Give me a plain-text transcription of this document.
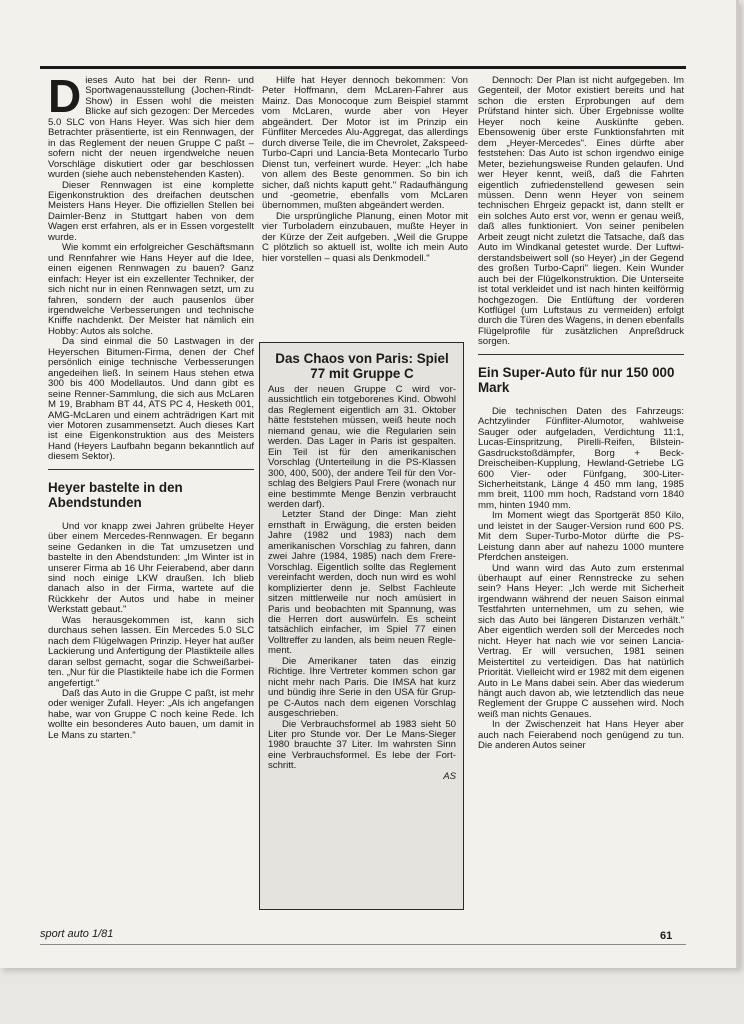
Dieses Auto hat bei der Renn- und Sportwagenausstellung (Jochen-Rindt-Show) in Essen wohl die meisten Blicke auf sich gezogen: Der Mercedes 5.0 SLC von Hans Heyer. Was sich hier dem Betrachter präsentierte, ist ein Rennwagen, der in das Reglement der neuen Gruppe C paßt – sofern nicht der neuen irgendwelche neuen Vorschläge diskutiert oder gar beschlossen wurden (siehe auch nebenstehenden Kasten).

Dieser Rennwagen ist eine komplette Eigenkonstruktion des dreifachen deutschen Meisters Hans Heyer. Die offiziellen Stellen bei Daimler-Benz in Stuttgart haben von dem Wagen erst erfahren, als er in Essen vorgestellt wurde.

Wie kommt ein erfolgreicher Geschäftsmann und Rennfahrer wie Hans Heyer auf die Idee, einen eigenen Rennwagen zu bauen? Ganz einfach: Heyer ist ein exzellenter Techniker, der sich nicht nur in einen Rennwagen setzt, um zu fahren, sondern der auch pausenlos über irgendwelche Verbesserungen und technische Kniffe nachdenkt. Der Meister hat nämlich ein Hobby: Autos als solche.

Da sind einmal die 50 Lastwagen in der Heyerschen Bitumen-Firma, denen der Chef persönlich einige technische Verbesserungen angedeihen ließ. In seinem Haus stehen etwa 300 bis 400 Modellautos. Und dann gibt es seine Renner-Sammlung, die sich aus McLaren M 19, Brabham BT 44, ATS PC 4, Hesketh 001, AMG-McLaren und einem achträdrigen Kart mit vier Motoren zusammensetzt. Auch dieses Kart ist eine Eigenkonstruktion aus des Meisters Hand (Heyers Laufbahn begann bekanntlich auf diesem Sektor).

Heyer bastelte in den Abendstunden

Und vor knapp zwei Jahren grübelte Heyer über einem Mercedes-Rennwagen. Er begann seine Gedanken in die Tat umzusetzen und bastelte in den Abendstunden: „Im Winter ist in unserer Firma ab 16 Uhr Feierabend, aber dann sind noch einige LKW draußen. Ich blieb danach also in der Firma, wartete auf die Rückkehr der Autos und habe in meiner Werkstatt gebaut."

Was herausgekommen ist, kann sich durchaus sehen lassen. Ein Mercedes 5.0 SLC nach dem Flügelwagen Prinzip. Heyer hat außer Lackierung und Anfertigung der Plastikteile alles daran selbst gemacht, sogar die Schweißarbeiten. „Nur für die Plastikteile habe ich die Formen angefertigt."

Daß das Auto in die Gruppe C paßt, ist mehr oder weniger Zufall. Heyer: „Als ich angefangen habe, war von Gruppe C noch keine Rede. Ich wollte ein besonderes Auto bauen, um damit in Le Mans zu starten."

Hilfe hat Heyer dennoch bekommen: Von Peter Hoffmann, dem McLaren-Fahrer aus Mainz. Das Monocoque zum Beispiel stammt vom McLaren, wurde aber von Heyer abgeändert. Der Motor ist im Prinzip ein Fünfliter Mercedes Alu-Aggregat, das allerdings durch diverse Teile, die im Chevrolet, Zakspeed-Turbo-Capri und Lancia-Beta Montecarlo Turbo Dienst tun, verfeinert wurde. Heyer: „Ich habe von allem des Beste genommen. So bin ich sicher, daß nichts kaputt geht." Radaufhängung und -geometrie, ebenfalls vom McLaren übernommen, mußten abgeändert werden.

Die ursprüngliche Planung, einen Motor mit vier Turboladern einzubauen, mußte Heyer in der Kürze der Zeit aufgeben. „Weil die Gruppe C plötzlich so aktuell ist, wollte ich mein Auto hier vorstellen – quasi als Denkmodell."

Das Chaos von Paris: Spiel 77 mit Gruppe C

Aus der neuen Gruppe C wird voraussichtlich ein totgeborenes Kind. Obwohl das Reglement eigentlich am 31. Oktober hätte feststehen müssen, weiß heute noch niemand genau, wie die Regularien sein werden. Das Lager in Paris ist gespalten. Ein Teil ist für den amerikanischen Vorschlag (Unterteilung in die PS-Klassen 300, 400, 500), der andere Teil für den Vorschlag des Belgiers Paul Frere (wonach nur eine bestimmte Menge Benzin verbraucht werden darf).

Letzter Stand der Dinge: Man zieht ernsthaft in Erwägung, die ersten beiden Jahre (1982 und 1983) nach dem amerikanischen Vorschlag zu fahren, dann zwei Jahre (1984, 1985) nach dem Frere-Vorschlag. Eigentlich sollte das Reglement vereinfacht werden, doch nun wird es wohl komplizierter denn je. Selbst Fachleute sitzen mittlerweile nur noch amüsiert in Paris und beobachten mit Spannung, was die Herren dort auswürfeln. Es scheint tatsächlich einfacher, im Spiel 77 einen Volltreffer zu landen, als beim neuen Reglement.

Die Amerikaner taten das einzig Richtige. Ihre Vertreter kommen schon gar nicht mehr nach Paris. Die IMSA hat kurz und bündig ihre Serie in den USA für Gruppe C-Autos nach dem eigenen Vorschlag ausgeschrieben.

Die Verbrauchsformel ab 1983 sieht 50 Liter pro Stunde vor. Der Le Mans-Sieger 1980 brauchte 37 Liter. Im wahrsten Sinn eine Verbrauchsformel. Es lebe der Fortschritt.

AS

Dennoch: Der Plan ist nicht aufgegeben. Im Gegenteil, der Motor existiert bereits und hat schon die ersten Erprobungen auf dem Prüfstand hinter sich. Über Ergebnisse wollte Heyer noch keine Auskünfte geben. Ebensowenig über erste Funktionsfahrten mit dem „Heyer-Mercedes". Eines dürfte aber feststehen: Das Auto ist schon irgendwo einige Meter, beziehungsweise Runden gelaufen. Und wer Heyer kennt, weiß, daß die Fahrten eigentlich zufriedenstellend gewesen sein müssen. Denn wenn Heyer von seinem technischen Ehrgeiz gepackt ist, dann stellt er ein solches Auto erst vor, wenn er genau weiß, daß alles funktioniert. Von seiner penibelen Arbeit zeugt nicht zuletzt die Tatsache, daß das Auto im Windkanal getestet wurde. Der Luftwiderstandsbeiwert soll (so Heyer) „in der Gegend des großen Turbo-Capri" liegen. Kein Wunder auch bei der Flügelkonstruktion. Die Unterseite ist total verkleidet und ist nach hinten keilförmig hochgezogen. Die Entlüftung der vorderen Kotflügel (um Luftstaus zu vermeiden) erfolgt durch die Türen des Wagens, in denen ebenfalls Flügelprofile für zusätzlichen Anpreßdruck sorgen.

Ein Super-Auto für nur 150 000 Mark

Die technischen Daten des Fahrzeugs: Achtzylinder Fünfliter-Alumotor, wahlweise Sauger oder aufgeladen, Verdichtung 11:1, Lucas-Einspritzung, Pirelli-Reifen, Bilstein-Gasdruckstoßdämpfer, Borg + Beck-Dreischeiben-Kupplung, Hewland-Getriebe LG 600 Vier- oder Fünfgang, 300-Liter-Sicherheitstank, Länge 4 450 mm lang, 1985 mm breit, 1100 mm hoch, Radstand vorn 1840 mm, hinten 1940 mm.

Im Moment wiegt das Sportgerät 850 Kilo, und leistet in der Sauger-Version rund 600 PS. Mit dem Super-Turbo-Motor dürfte die PS-Leistung dann aber auf nahezu 1000 muntere Pferdchen ansteigen.

Und wann wird das Auto zum erstenmal überhaupt auf einer Rennstrecke zu sehen sein? Hans Heyer: „Ich werde mit Sicherheit irgendwann während der neuen Saison einmal Testfahrten unternehmen, um zu sehen, wie sich das Auto bei längeren Distanzen verhält." Aber eigentlich werden soll der Mercedes noch nicht. Heyer hat nach wie vor seinen Lancia-Vertrag. Er will versuchen, 1981 seinen Meistertitel zu verteidigen. Das hat natürlich Priorität. Vielleicht wird er 1982 mit dem eigenen Auto in Le Mans dabei sein. Aber das wiederum hängt auch davon ab, wie letztendlich das neue Reglement der Gruppe C aussehen wird. Noch weiß man nichts Genaues.

In der Zwischenzeit hat Hans Heyer aber auch nach Feierabend noch genügend zu tun. Die anderen Autos seiner

sport auto 1/81	61
